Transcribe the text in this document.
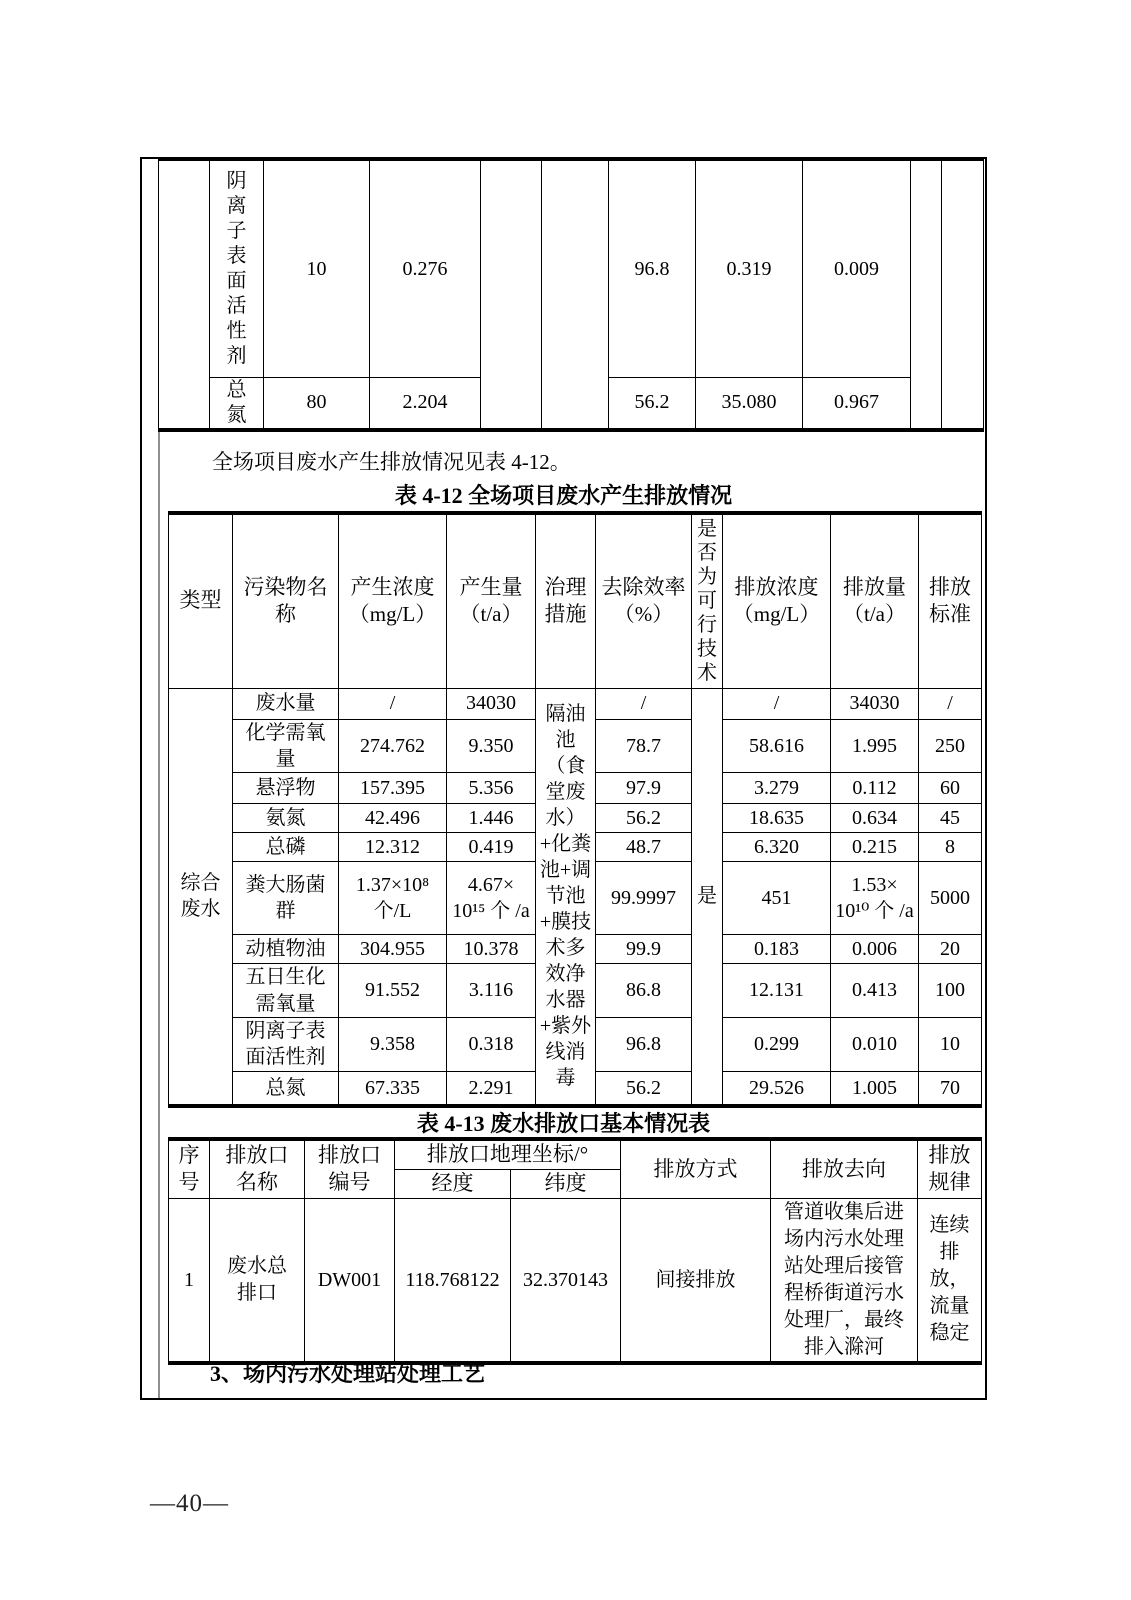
	阴离子表面活性剂	10	0.276			96.8	0.319	0.009		

	总氮	80	2.204			56.2	35.080	0.967		
全场项目废水产生排放情况见表 4-12。
表 4-12 全场项目废水产生排放情况
类型	污染物名称	产生浓度（mg/L）	产生量（t/a）	治理措施	去除效率（%）	是否为可行技术	排放浓度（mg/L）	排放量（t/a）	排放标准
综合废水	废水量	/	34030	隔油池（食堂废水）+化粪池+调节池+膜技术多效净水器+紫外线消毒	/	是	/	34030	/
	化学需氧量	274.762	9.350		78.7		58.616	1.995	250
	悬浮物	157.395	5.356		97.9		3.279	0.112	60
	氨氮	42.496	1.446		56.2		18.635	0.634	45
	总磷	12.312	0.419		48.7		6.320	0.215	8
	粪大肠菌群	1.37×10⁸ 个/L	4.67× 10¹⁵ 个 /a		99.9997		451	1.53× 10¹⁰ 个 /a	5000
	动植物油	304.955	10.378		99.9		0.183	0.006	20
	五日生化需氧量	91.552	3.116		86.8		12.131	0.413	100
	阴离子表面活性剂	9.358	0.318		96.8		0.299	0.010	10
	总氮	67.335	2.291		56.2		29.526	1.005	70
表 4-13 废水排放口基本情况表
序号	排放口名称	排放口编号	排放口地理坐标/°		排放方式	排放去向	排放规律
			经度	纬度			
1	废水总排口	DW001	118.768122	32.370143	间接排放	管道收集后进场内污水处理站处理后接管程桥街道污水处理厂，最终排入滁河	连续排放，流量稳定
3、场内污水处理站处理工艺
—40—
